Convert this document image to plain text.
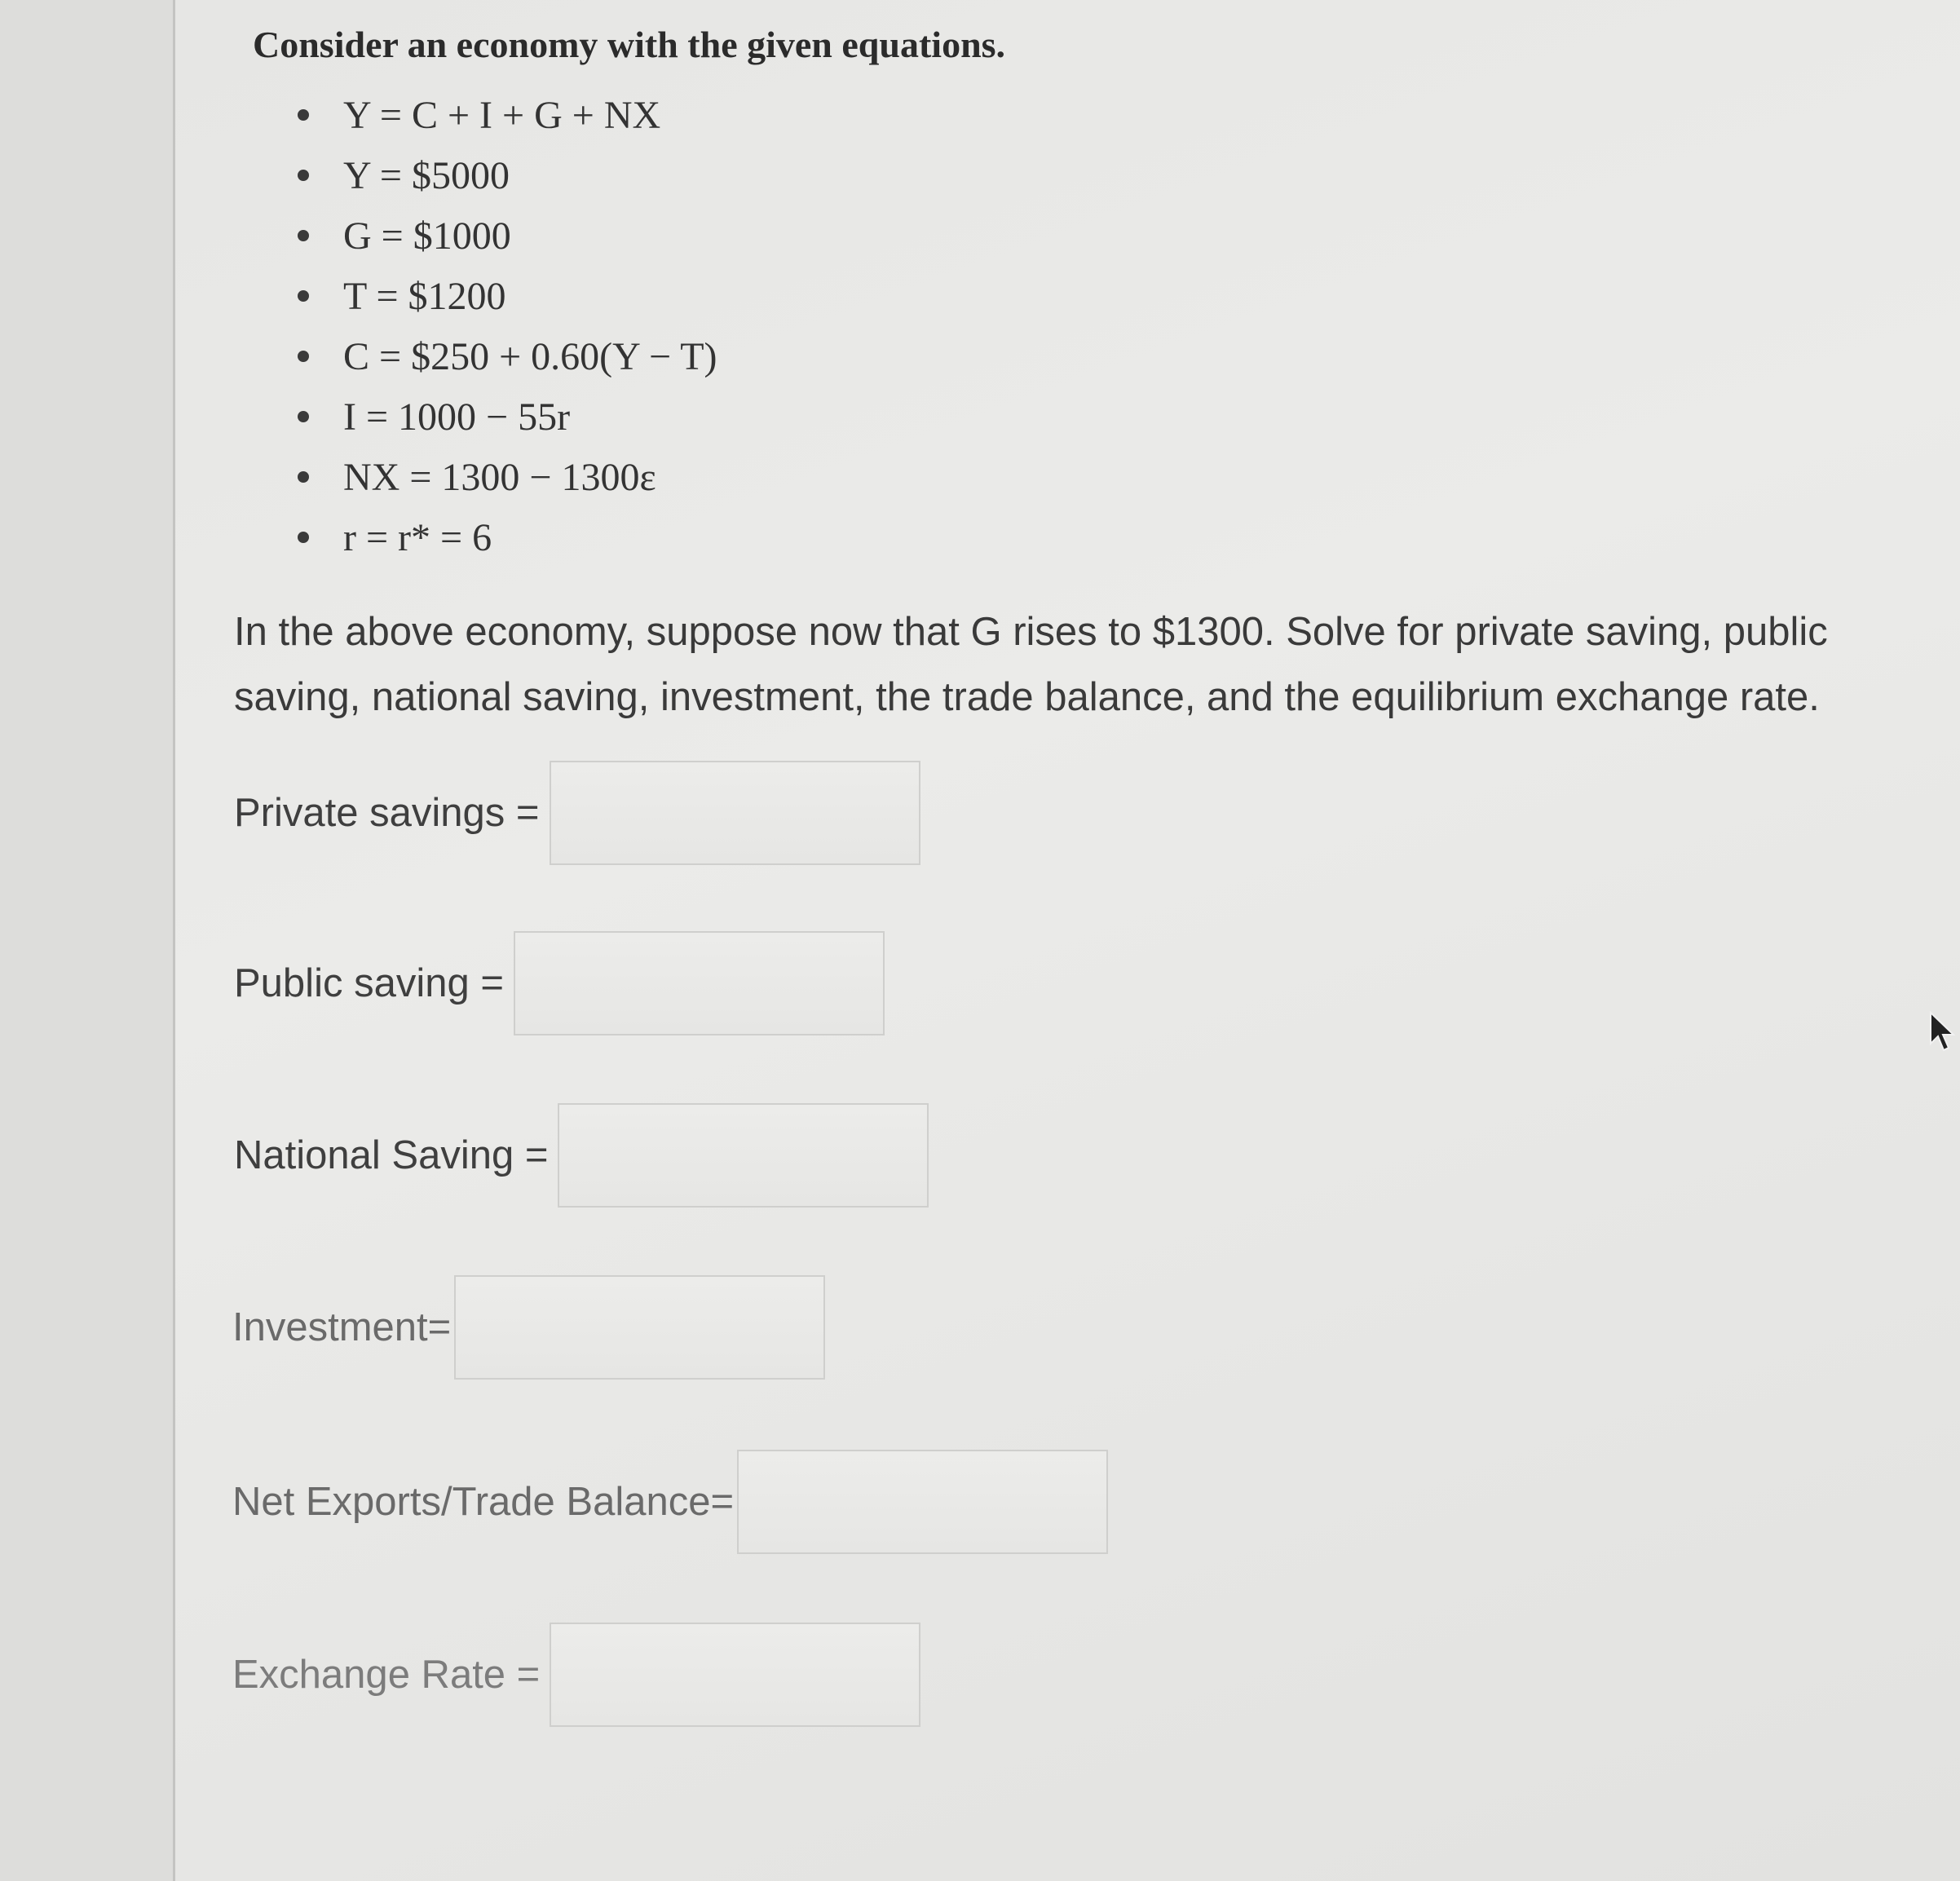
Consider an economy with the given equations.

Y = C + I + G + NX
Y = $5000
G = $1000
T = $1200
C = $250 + 0.60(Y − T)
I = 1000 − 55r
NX = 1300 − 1300ε
r = r* = 6

In the above economy, suppose now that G rises to $1300. Solve for private saving, public saving, national saving, investment, the trade balance, and the equilibrium exchange rate.

Private savings =
Public saving =
National Saving =
Investment=
Net Exports/Trade Balance=
Exchange Rate =
